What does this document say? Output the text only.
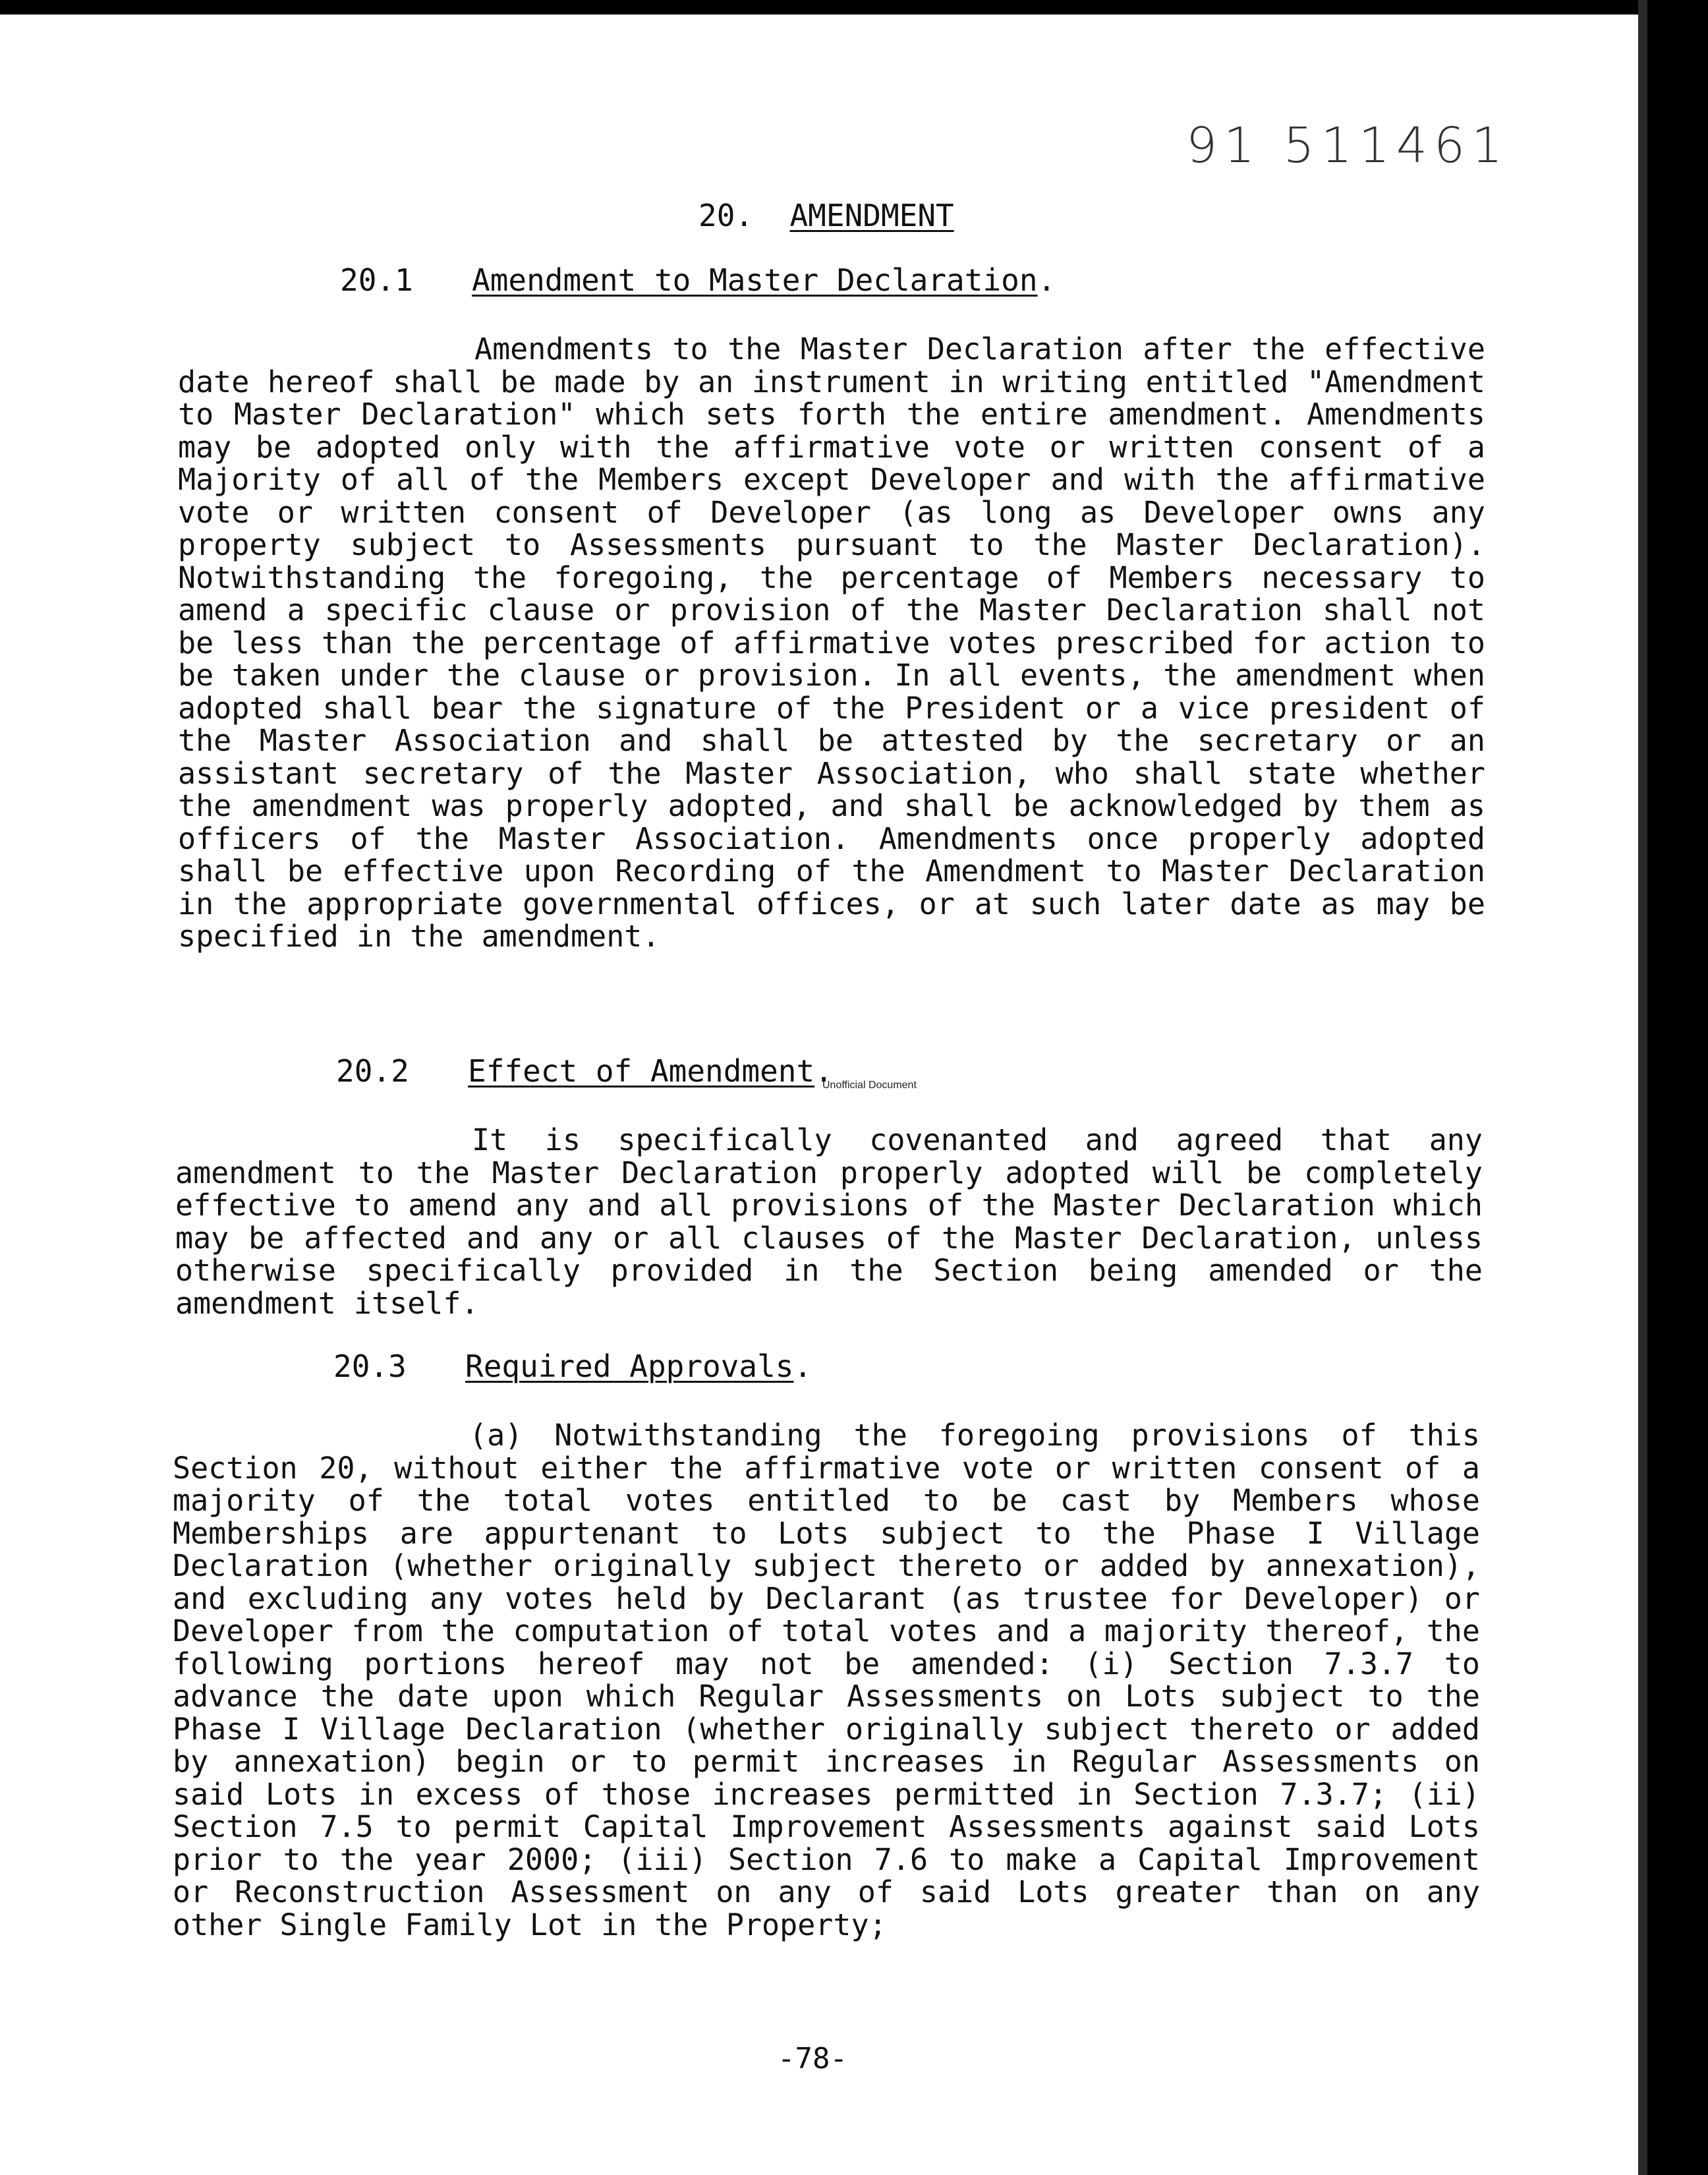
91 511461
20. AMENDMENT
20.1 Amendment to Master Declaration.
Amendments to the Master Declaration after the effective date hereof shall be made by an instrument in writing entitled "Amendment to Master Declaration" which sets forth the entire amendment. Amendments may be adopted only with the affirmative vote or written consent of a Majority of all of the Members except Developer and with the affirmative vote or written consent of Developer (as long as Developer owns any property subject to Assessments pursuant to the Master Declaration). Notwithstanding the foregoing, the percentage of Members necessary to amend a specific clause or provision of the Master Declaration shall not be less than the percentage of affirmative votes prescribed for action to be taken under the clause or provision. In all events, the amendment when adopted shall bear the signature of the President or a vice president of the Master Association and shall be attested by the secretary or an assistant secretary of the Master Association, who shall state whether the amendment was properly adopted, and shall be acknowledged by them as officers of the Master Association. Amendments once properly adopted shall be effective upon Recording of the Amendment to Master Declaration in the appropriate governmental offices, or at such later date as may be specified in the amendment.
20.2 Effect of Amendment.
Unofficial Document
It is specifically covenanted and agreed that any amendment to the Master Declaration properly adopted will be completely effective to amend any and all provisions of the Master Declaration which may be affected and any or all clauses of the Master Declaration, unless otherwise specifically provided in the Section being amended or the amendment itself.
20.3 Required Approvals.
(a) Notwithstanding the foregoing provisions of this Section 20, without either the affirmative vote or written consent of a majority of the total votes entitled to be cast by Members whose Memberships are appurtenant to Lots subject to the Phase I Village Declaration (whether originally subject thereto or added by annexation), and excluding any votes held by Declarant (as trustee for Developer) or Developer from the computation of total votes and a majority thereof, the following portions hereof may not be amended: (i) Section 7.3.7 to advance the date upon which Regular Assessments on Lots subject to the Phase I Village Declaration (whether originally subject thereto or added by annexation) begin or to permit increases in Regular Assessments on said Lots in excess of those increases permitted in Section 7.3.7; (ii) Section 7.5 to permit Capital Improvement Assessments against said Lots prior to the year 2000; (iii) Section 7.6 to make a Capital Improvement or Reconstruction Assessment on any of said Lots greater than on any other Single Family Lot in the Property;
-78-
